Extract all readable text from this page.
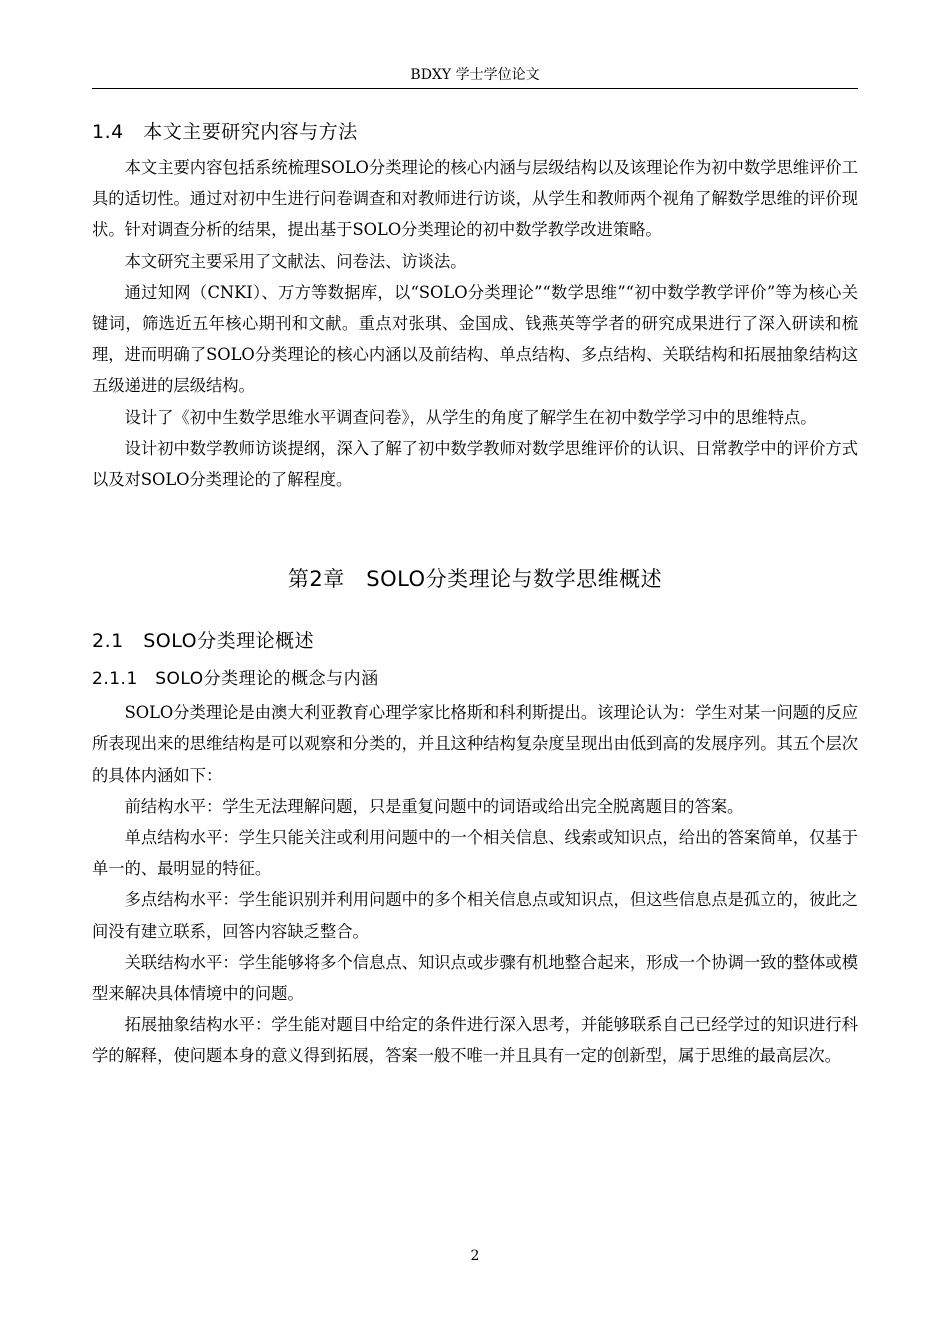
BDXY 学士学位论文
1.4　本文主要研究内容与方法

本文主要内容包括系统梳理SOLO分类理论的核心内涵与层级结构以及该理论作为初中数学思维评价工具的适切性。通过对初中生进行问卷调查和对教师进行访谈，从学生和教师两个视角了解数学思维的评价现状。针对调查分析的结果，提出基于SOLO分类理论的初中数学教学改进策略。

本文研究主要采用了文献法、问卷法、访谈法。

通过知网（CNKI）、万方等数据库，以“SOLO分类理论”“数学思维”“初中数学教学评价”等为核心关键词，筛选近五年核心期刊和文献。重点对张琪、金国成、钱燕英等学者的研究成果进行了深入研读和梳理，进而明确了SOLO分类理论的核心内涵以及前结构、单点结构、多点结构、关联结构和拓展抽象结构这五级递进的层级结构。

设计了《初中生数学思维水平调查问卷》，从学生的角度了解学生在初中数学学习中的思维特点。

设计初中数学教师访谈提纲，深入了解了初中数学教师对数学思维评价的认识、日常教学中的评价方式以及对SOLO分类理论的了解程度。

第2章　SOLO分类理论与数学思维概述
2.1　SOLO分类理论概述
2.1.1　SOLO分类理论的概念与内涵

SOLO分类理论是由澳大利亚教育心理学家比格斯和科利斯提出。该理论认为：学生对某一问题的反应所表现出来的思维结构是可以观察和分类的，并且这种结构复杂度呈现出由低到高的发展序列。其五个层次的具体内涵如下：

前结构水平：学生无法理解问题，只是重复问题中的词语或给出完全脱离题目的答案。

单点结构水平：学生只能关注或利用问题中的一个相关信息、线索或知识点，给出的答案简单，仅基于单一的、最明显的特征。

多点结构水平：学生能识别并利用问题中的多个相关信息点或知识点，但这些信息点是孤立的，彼此之间没有建立联系，回答内容缺乏整合。

关联结构水平：学生能够将多个信息点、知识点或步骤有机地整合起来，形成一个协调一致的整体或模型来解决具体情境中的问题。

拓展抽象结构水平：学生能对题目中给定的条件进行深入思考，并能够联系自己已经学过的知识进行科学的解释，使问题本身的意义得到拓展，答案一般不唯一并且具有一定的创新型，属于思维的最高层次。

2
